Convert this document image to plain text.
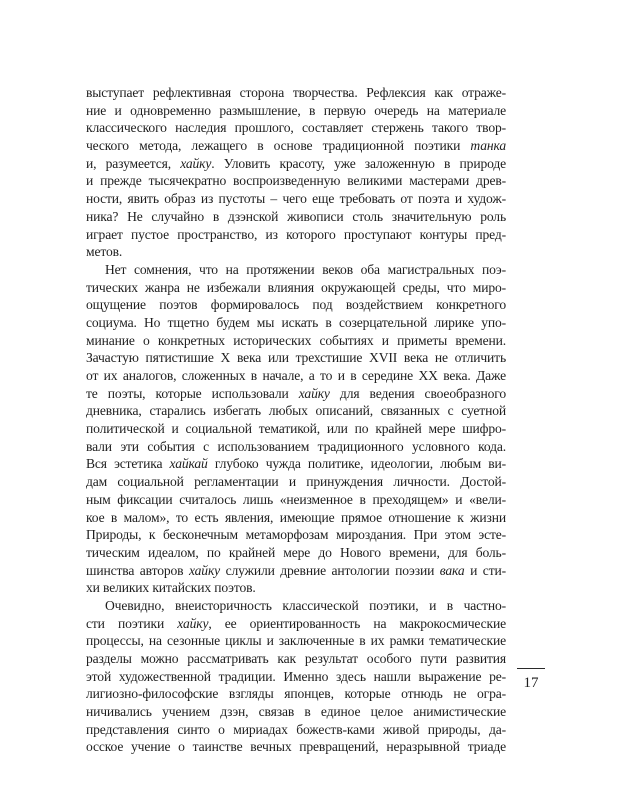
выступает рефлективная сторона творчества. Рефлексия как отраже-
ние и одновременно размышление, в первую очередь на материале
классического наследия прошлого, составляет стержень такого твор-
ческого метода, лежащего в основе традиционной поэтики танка
и, разумеется, хайку. Уловить красоту, уже заложенную в природе
и прежде тысячекратно воспроизведенную великими мастерами древ-
ности, явить образ из пустоты – чего еще требовать от поэта и худож-
ника? Не случайно в дзэнской живописи столь значительную роль
играет пустое пространство, из которого проступают контуры пред-
метов.
Нет сомнения, что на протяжении веков оба магистральных поэ-
тических жанра не избежали влияния окружающей среды, что миро-
ощущение поэтов формировалось под воздействием конкретного
социума. Но тщетно будем мы искать в созерцательной лирике упо-
минание о конкретных исторических событиях и приметы времени.
Зачастую пятистишие X века или трехстишие XVII века не отличить
от их аналогов, сложенных в начале, а то и в середине XX века. Даже
те поэты, которые использовали хайку для ведения своеобразного
дневника, старались избегать любых описаний, связанных с суетной
политической и социальной тематикой, или по крайней мере шифро-
вали эти события с использованием традиционного условного кода.
Вся эстетика хайкай глубоко чужда политике, идеологии, любым ви-
дам социальной регламентации и принуждения личности. Достой-
ным фиксации считалось лишь «неизменное в преходящем» и «вели-
кое в малом», то есть явления, имеющие прямое отношение к жизни
Природы, к бесконечным метаморфозам мироздания. При этом эсте-
тическим идеалом, по крайней мере до Нового времени, для боль-
шинства авторов хайку служили древние антологии поэзии вака и сти-
хи великих китайских поэтов.
Очевидно, внеисторичность классической поэтики, и в частно-
сти поэтики хайку, ее ориентированность на макрокосмические
процессы, на сезонные циклы и заключенные в их рамки тематические
разделы можно рассматривать как результат особого пути развития
этой художественной традиции. Именно здесь нашли выражение ре-
лигиозно-философские взгляды японцев, которые отнюдь не огра-
ничивались учением дзэн, связав в единое целое анимистические
представления синто о мириадах божеств-ками живой природы, да-
осское учение о таинстве вечных превращений, неразрывной триаде
17
